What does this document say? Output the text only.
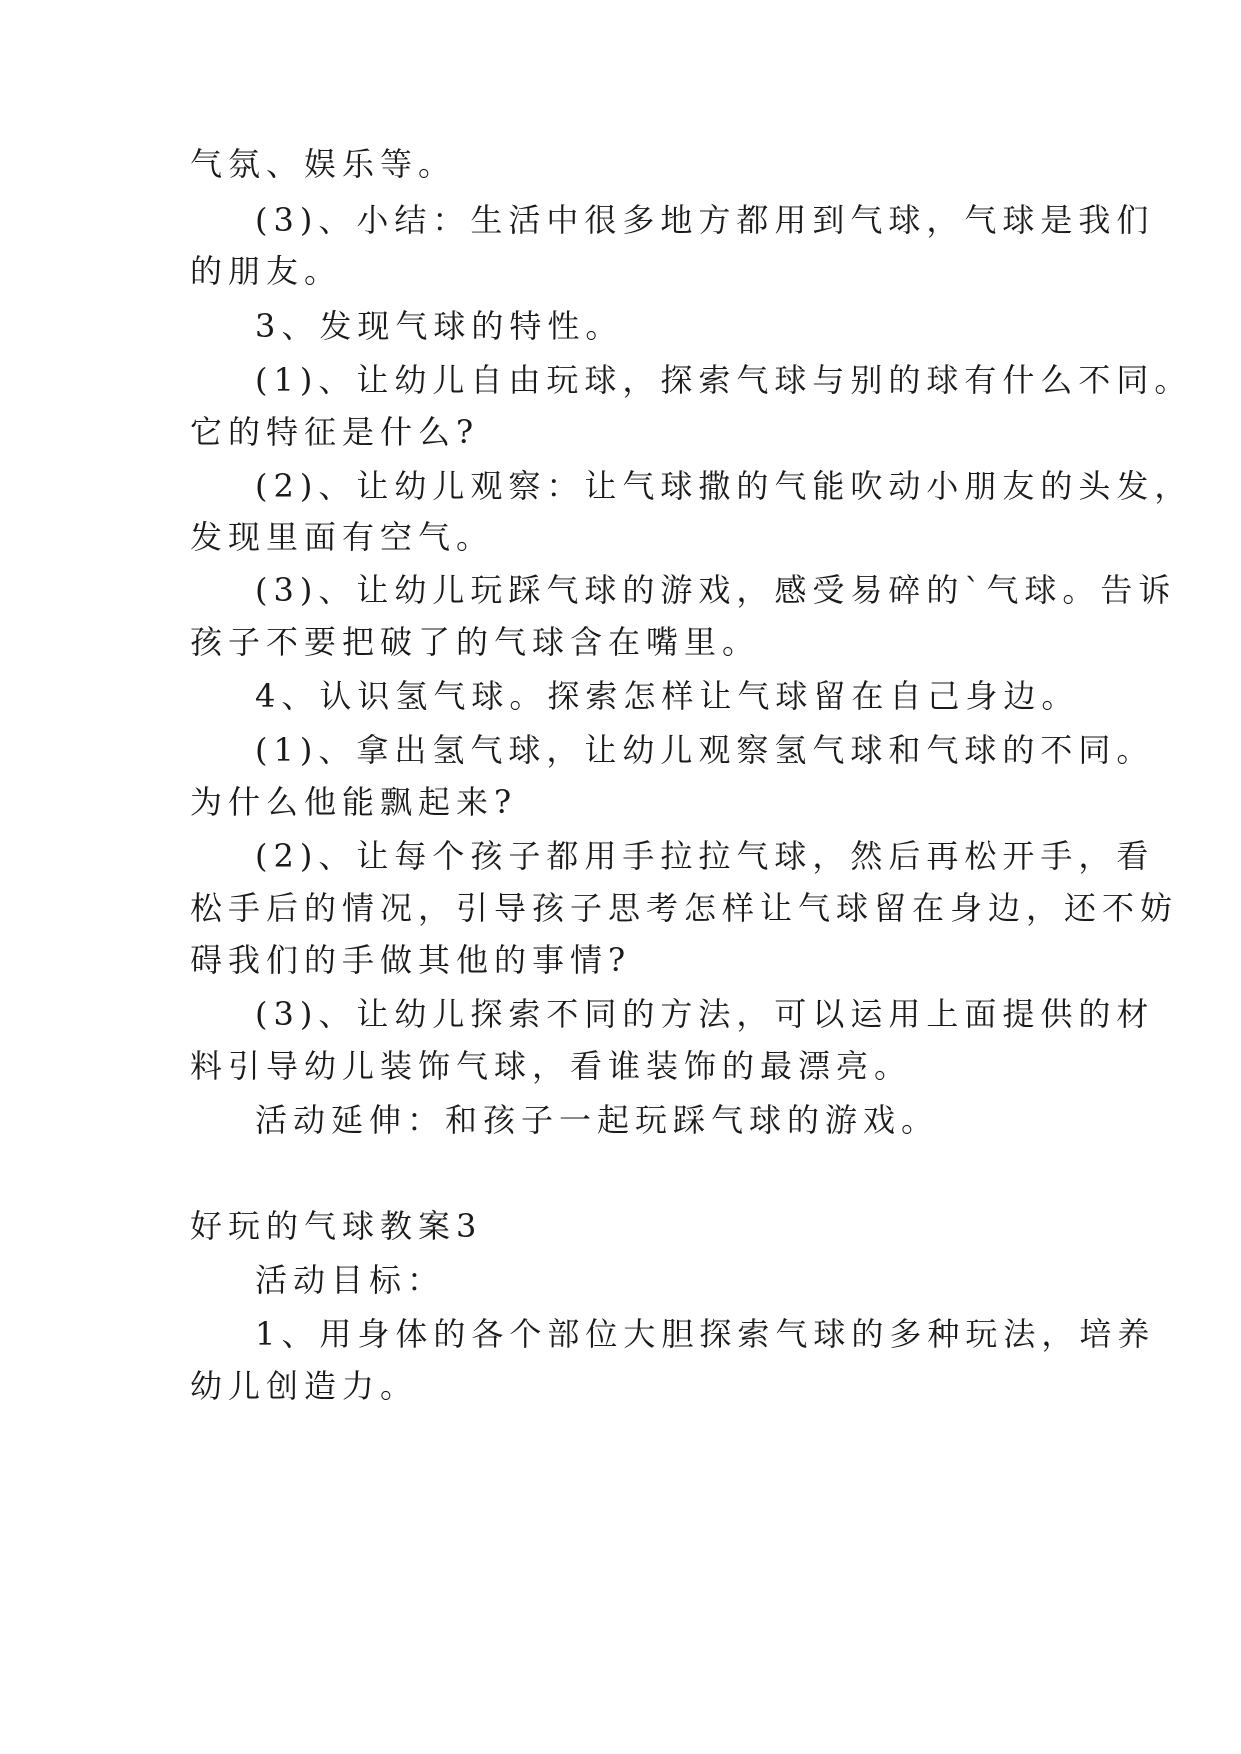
气氛、娱乐等。
(3)、小结：生活中很多地方都用到气球，气球是我们
的朋友。
3、发现气球的特性。
(1)、让幼儿自由玩球，探索气球与别的球有什么不同。
它的特征是什么?
(2)、让幼儿观察：让气球撒的气能吹动小朋友的头发，
发现里面有空气。
(3)、让幼儿玩踩气球的游戏，感受易碎的`气球。告诉
孩子不要把破了的气球含在嘴里。
4、认识氢气球。探索怎样让气球留在自己身边。
(1)、拿出氢气球，让幼儿观察氢气球和气球的不同。
为什么他能飘起来?
(2)、让每个孩子都用手拉拉气球，然后再松开手，看
松手后的情况，引导孩子思考怎样让气球留在身边，还不妨
碍我们的手做其他的事情?
(3)、让幼儿探索不同的方法，可以运用上面提供的材
料引导幼儿装饰气球，看谁装饰的最漂亮。
活动延伸：和孩子一起玩踩气球的游戏。
好玩的气球教案3
活动目标：
1、用身体的各个部位大胆探索气球的多种玩法，培养
幼儿创造力。
